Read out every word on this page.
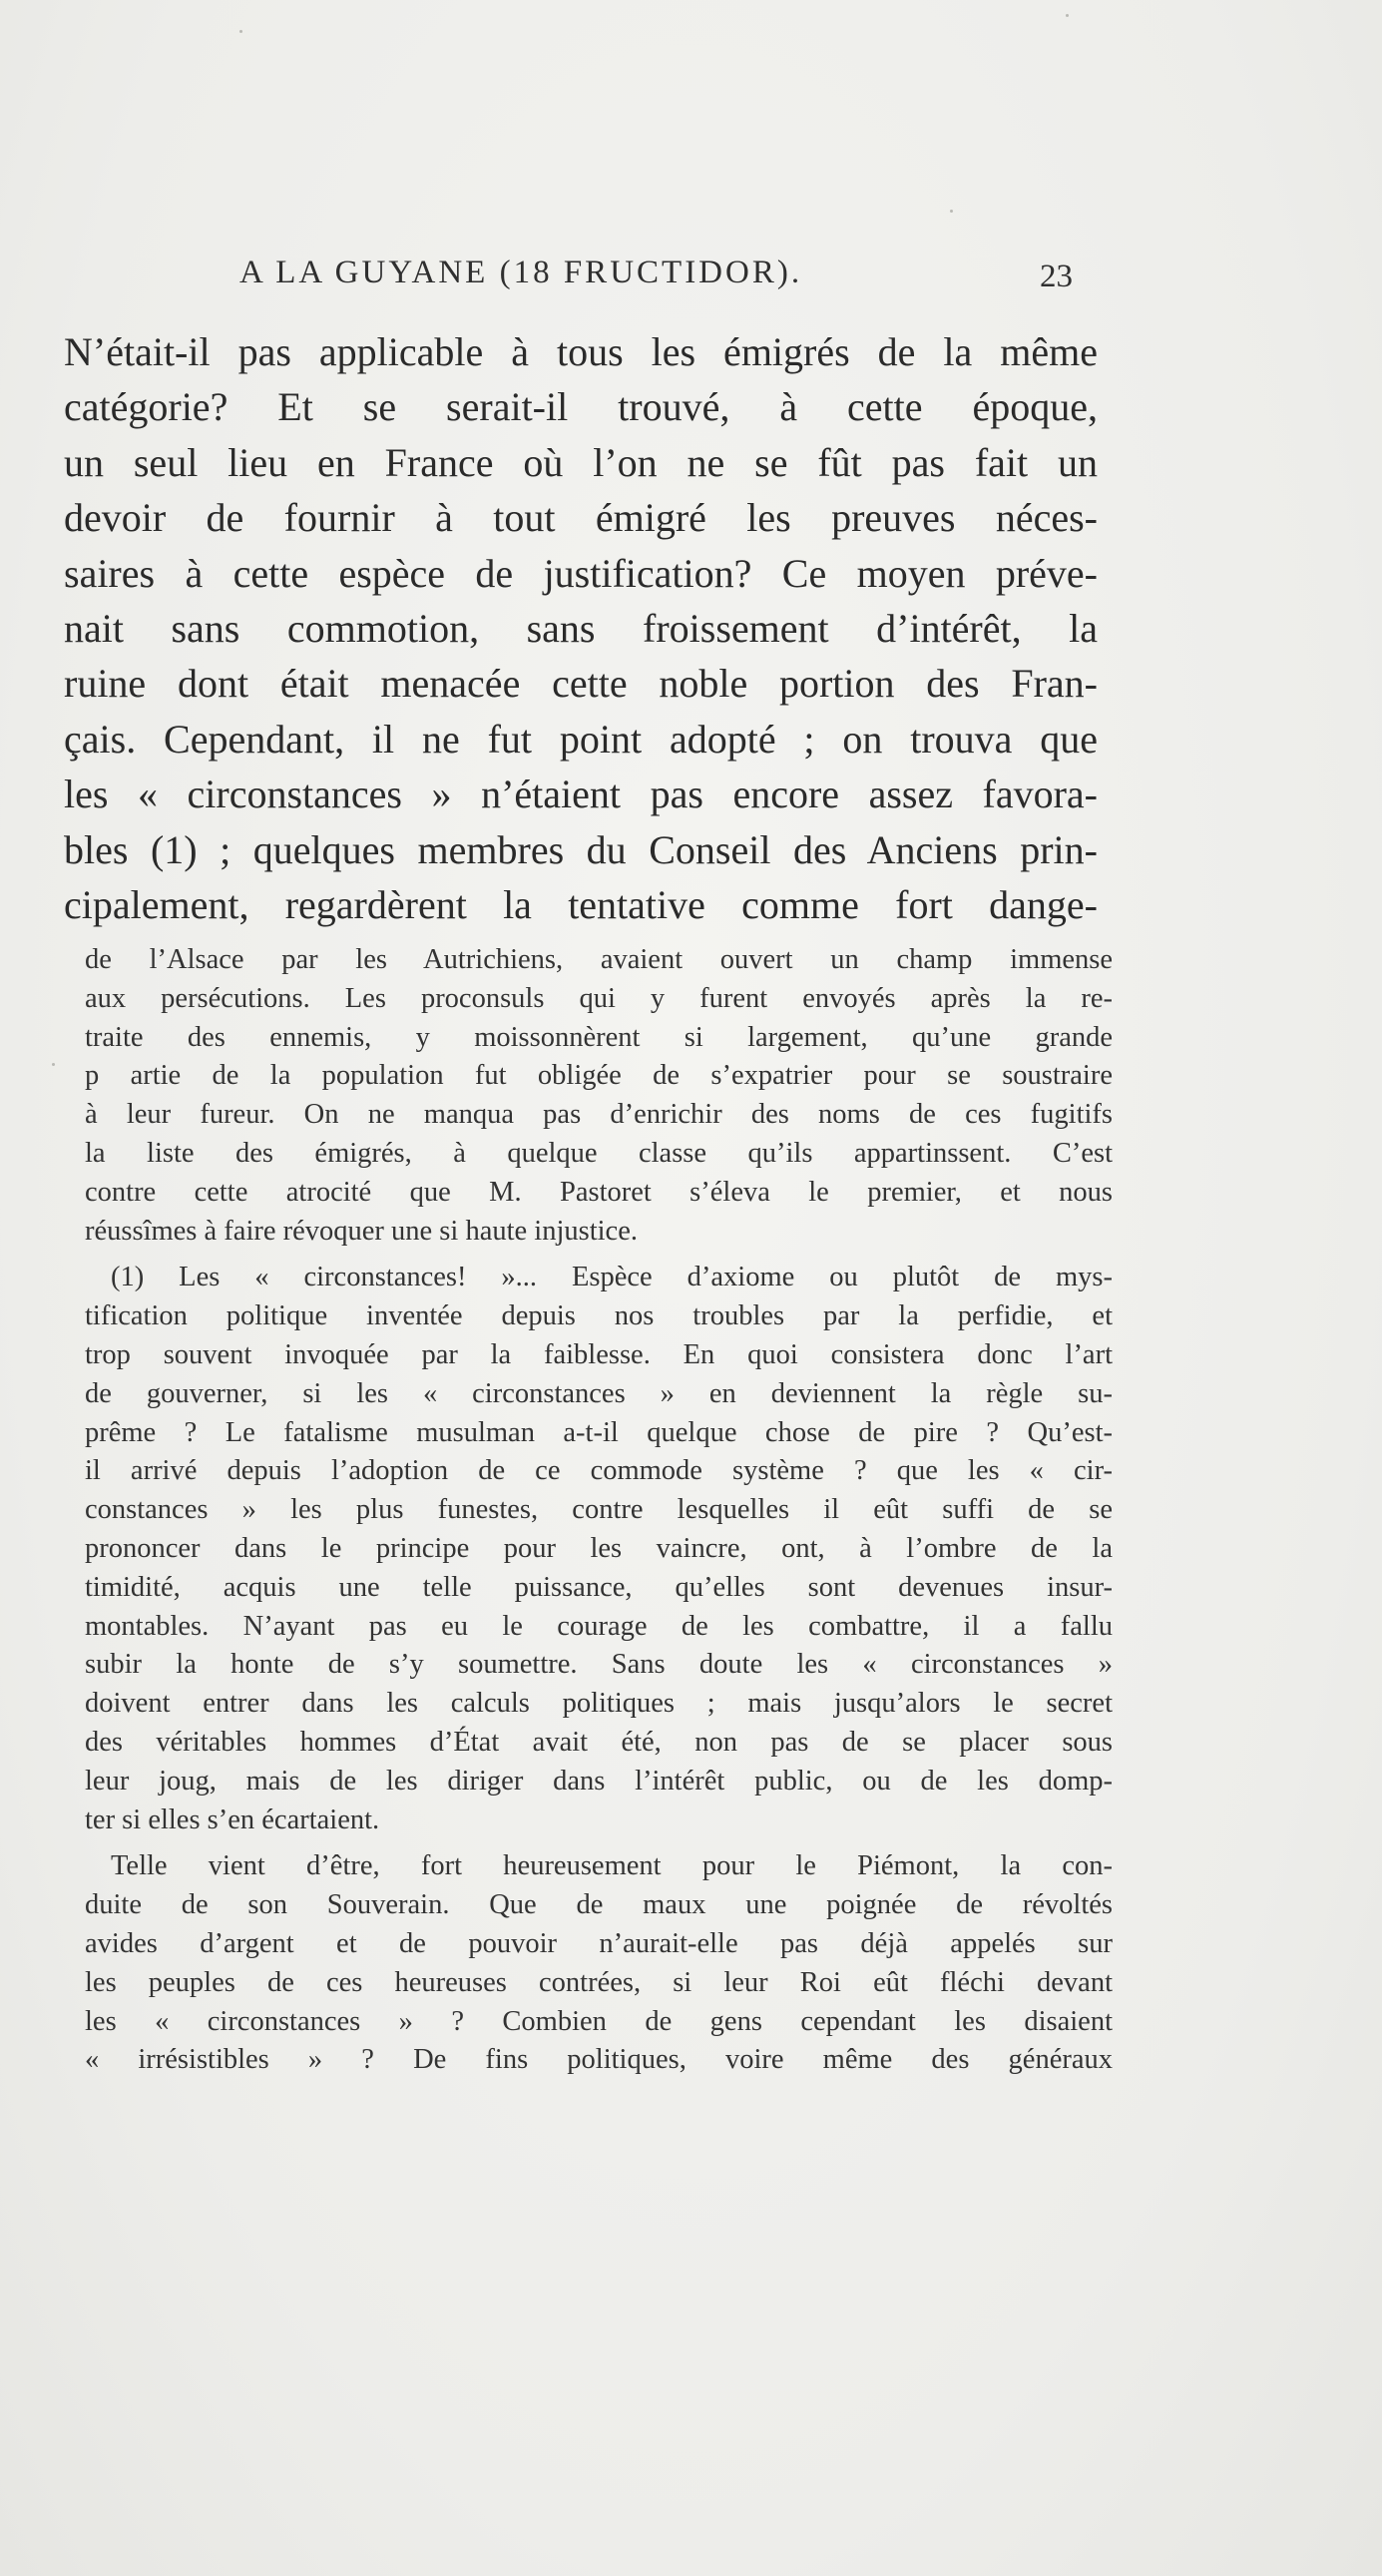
A LA GUYANE (18 FRUCTIDOR).	23
N’était-il pas applicable à tous les émigrés de la même
catégorie? Et se serait-il trouvé, à cette époque,
un seul lieu en France où l’on ne se fût pas fait un
devoir de fournir à tout émigré les preuves néces-
saires à cette espèce de justification? Ce moyen préve-
nait sans commotion, sans froissement d’intérêt, la
ruine dont était menacée cette noble portion des Fran-
çais. Cependant, il ne fut point adopté ; on trouva que
les « circonstances » n’étaient pas encore assez favora-
bles (1) ; quelques membres du Conseil des Anciens prin-
cipalement, regardèrent la tentative comme fort dange-
de l’Alsace par les Autrichiens, avaient ouvert un champ immense
aux persécutions. Les proconsuls qui y furent envoyés après la re-
traite des ennemis, y moissonnèrent si largement, qu’une grande
p artie de la population fut obligée de s’expatrier pour se soustraire
à leur fureur. On ne manqua pas d’enrichir des noms de ces fugitifs
la liste des émigrés, à quelque classe qu’ils appartinssent. C’est
contre cette atrocité que M. Pastoret s’éleva le premier, et nous
réussîmes à faire révoquer une si haute injustice.
(1) Les « circonstances! »... Espèce d’axiome ou plutôt de mys-
tification politique inventée depuis nos troubles par la perfidie, et
trop souvent invoquée par la faiblesse. En quoi consistera donc l’art
de gouverner, si les « circonstances » en deviennent la règle su-
prême ? Le fatalisme musulman a-t-il quelque chose de pire ? Qu’est-
il arrivé depuis l’adoption de ce commode système ? que les « cir-
constances » les plus funestes, contre lesquelles il eût suffi de se
prononcer dans le principe pour les vaincre, ont, à l’ombre de la
timidité, acquis une telle puissance, qu’elles sont devenues insur-
montables. N’ayant pas eu le courage de les combattre, il a fallu
subir la honte de s’y soumettre. Sans doute les « circonstances »
doivent entrer dans les calculs politiques ; mais jusqu’alors le secret
des véritables hommes d’État avait été, non pas de se placer sous
leur joug, mais de les diriger dans l’intérêt public, ou de les domp-
ter si elles s’en écartaient.
Telle vient d’être, fort heureusement pour le Piémont, la con-
duite de son Souverain. Que de maux une poignée de révoltés
avides d’argent et de pouvoir n’aurait-elle pas déjà appelés sur
les peuples de ces heureuses contrées, si leur Roi eût fléchi devant
les « circonstances » ? Combien de gens cependant les disaient
« irrésistibles » ? De fins politiques, voire même des généraux
